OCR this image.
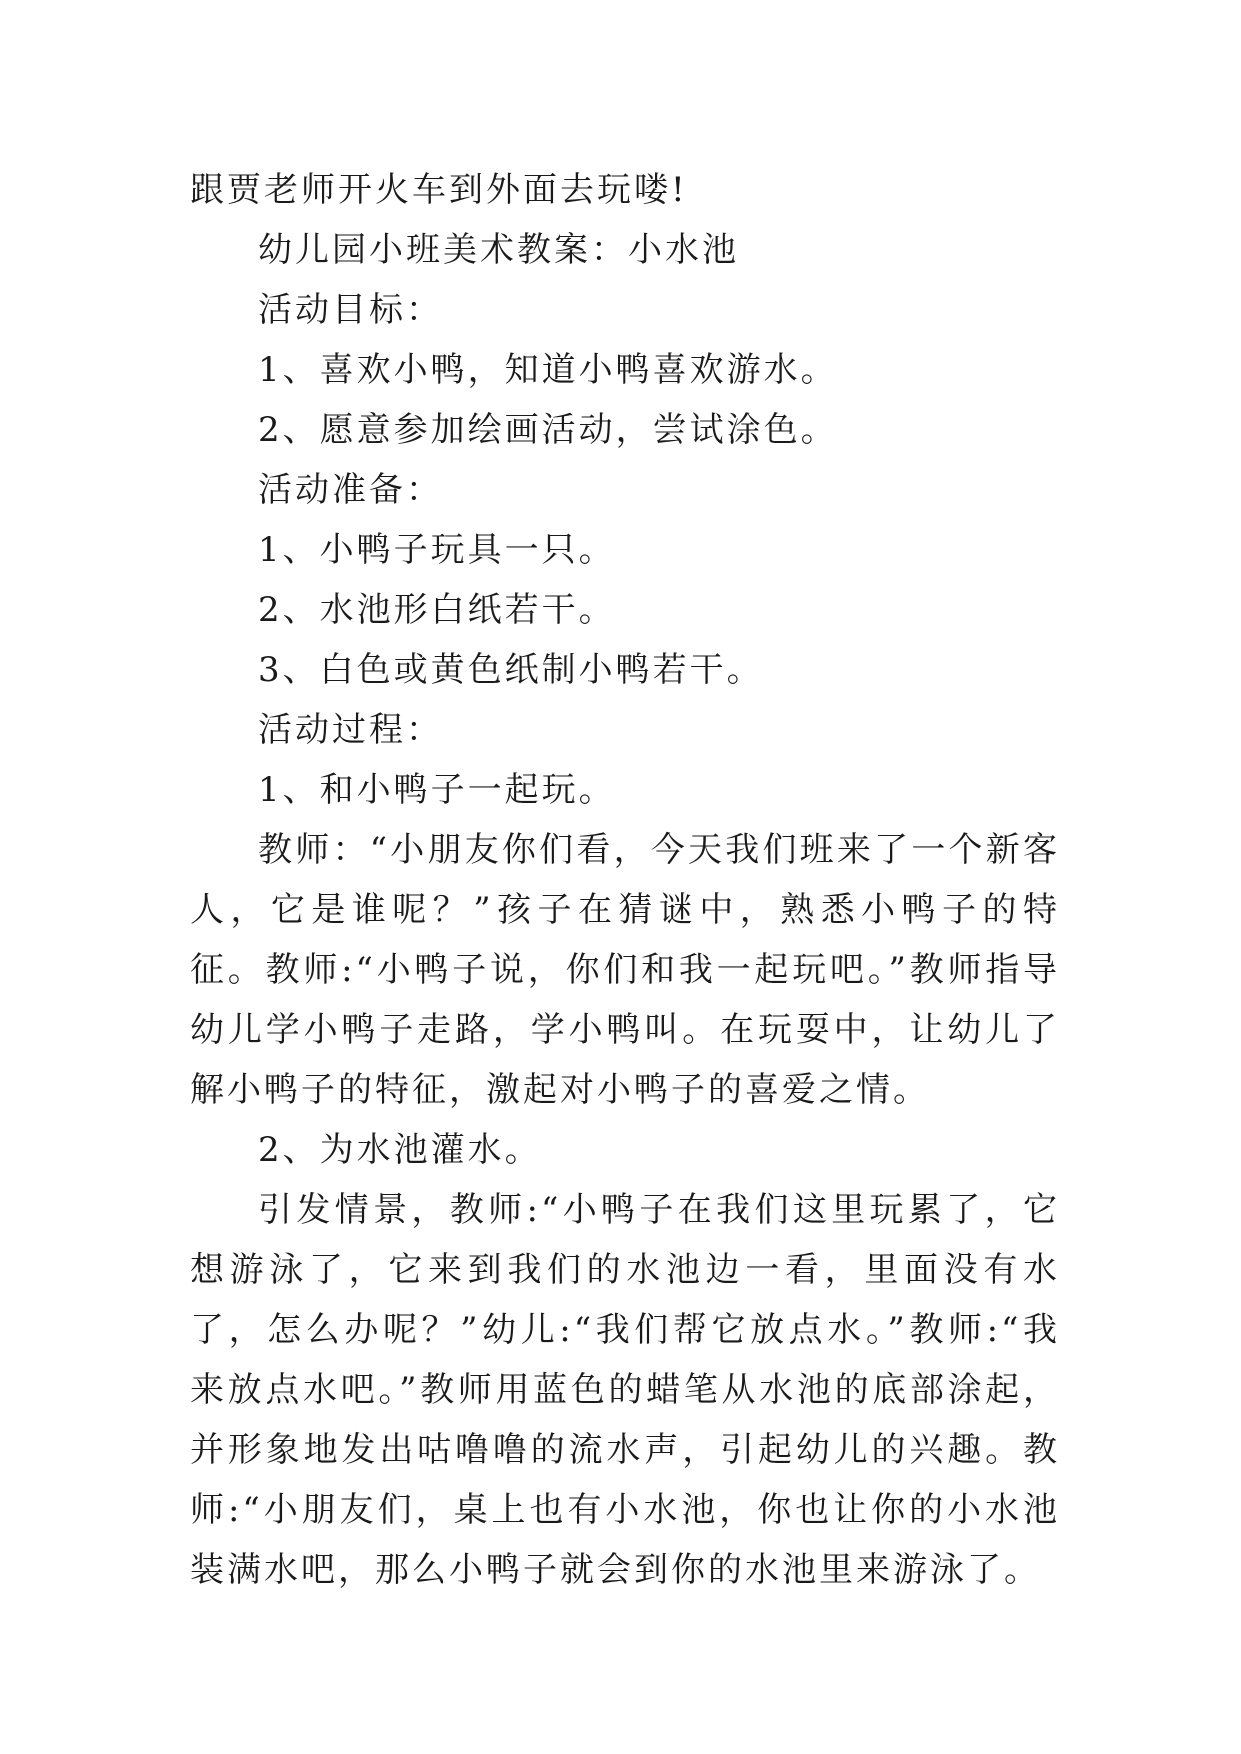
跟贾老师开火车到外面去玩喽!

幼儿园小班美术教案：小水池

活动目标：

1、喜欢小鸭，知道小鸭喜欢游水。

2、愿意参加绘画活动，尝试涂色。

活动准备：

1、小鸭子玩具一只。

2、水池形白纸若干。

3、白色或黄色纸制小鸭若干。

活动过程：

1、和小鸭子一起玩。

教师：“小朋友你们看，今天我们班来了一个新客人，它是谁呢？”孩子在猜谜中，熟悉小鸭子的特征。教师:“小鸭子说，你们和我一起玩吧。”教师指导幼儿学小鸭子走路，学小鸭叫。在玩耍中，让幼儿了解小鸭子的特征，激起对小鸭子的喜爱之情。

2、为水池灌水。

引发情景，教师:“小鸭子在我们这里玩累了，它想游泳了，它来到我们的水池边一看，里面没有水了，怎么办呢？”幼儿:“我们帮它放点水。”教师:“我来放点水吧。”教师用蓝色的蜡笔从水池的底部涂起，并形象地发出咕噜噜的流水声，引起幼儿的兴趣。教师:“小朋友们，桌上也有小水池，你也让你的小水池装满水吧，那么小鸭子就会到你的水池里来游泳了。
